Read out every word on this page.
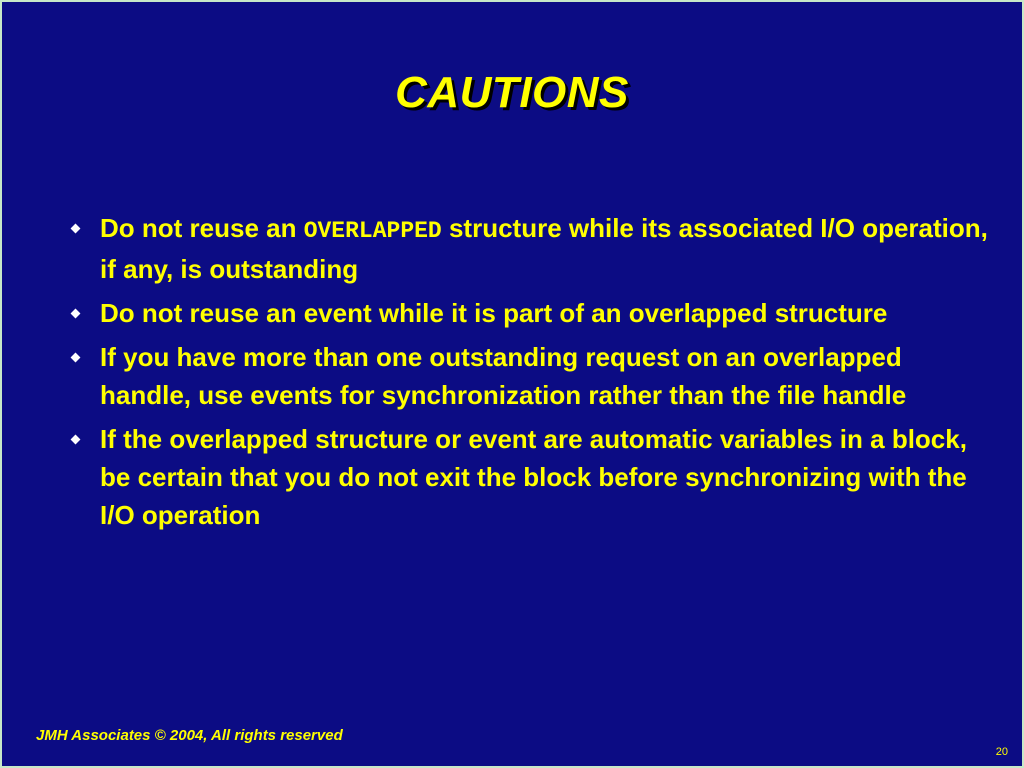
CAUTIONS
Do not reuse an OVERLAPPED structure while its associated I/O operation, if any, is outstanding
Do not reuse an event while it is part of an overlapped structure
If you have more than one outstanding request on an overlapped handle, use events for synchronization rather than the file handle
If the overlapped structure or event are automatic variables in a block, be certain that you do not exit the block before synchronizing with the I/O operation
JMH Associates © 2004, All rights reserved
20
